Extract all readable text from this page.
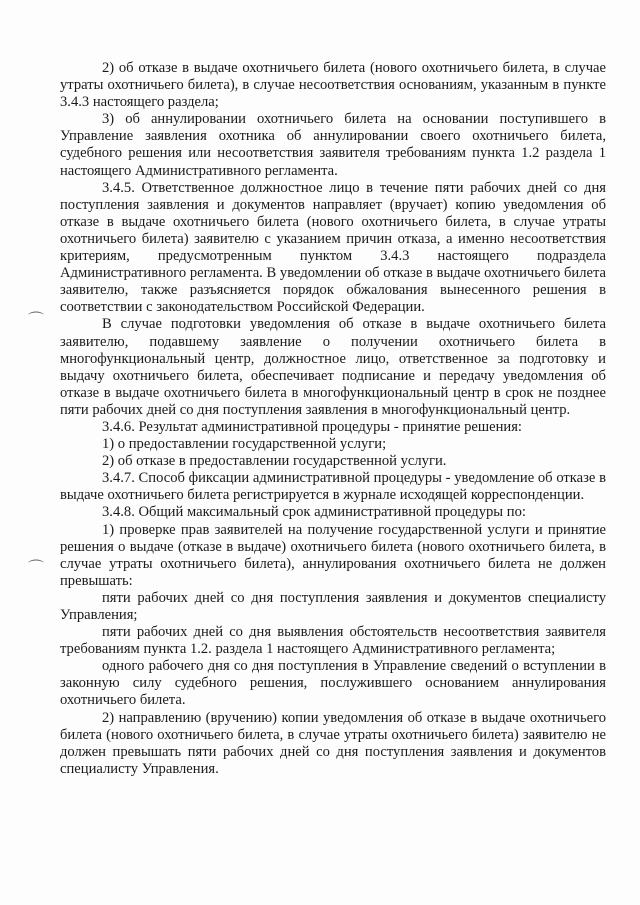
2) об отказе в выдаче охотничьего билета (нового охотничьего билета, в случае утраты охотничьего билета), в случае несоответствия основаниям, указанным в пункте 3.4.3 настоящего раздела;

3) об аннулировании охотничьего билета на основании поступившего в Управление заявления охотника об аннулировании своего охотничьего билета, судебного решения или несоответствия заявителя требованиям пункта 1.2 раздела 1 настоящего Административного регламента.

3.4.5. Ответственное должностное лицо в течение пяти рабочих дней со дня поступления заявления и документов направляет (вручает) копию уведомления об отказе в выдаче охотничьего билета (нового охотничьего билета, в случае утраты охотничьего билета) заявителю с указанием причин отказа, а именно несоответствия критериям, предусмотренным пунктом 3.4.3 настоящего подраздела Административного регламента. В уведомлении об отказе в выдаче охотничьего билета заявителю, также разъясняется порядок обжалования вынесенного решения в соответствии с законодательством Российской Федерации.

В случае подготовки уведомления об отказе в выдаче охотничьего билета заявителю, подавшему заявление о получении охотничьего билета в многофункциональный центр, должностное лицо, ответственное за подготовку и выдачу охотничьего билета, обеспечивает подписание и передачу уведомления об отказе в выдаче охотничьего билета в многофункциональный центр в срок не позднее пяти рабочих дней со дня поступления заявления в многофункциональный центр.

3.4.6. Результат административной процедуры - принятие решения:

1) о предоставлении государственной услуги;

2) об отказе в предоставлении государственной услуги.

3.4.7. Способ фиксации административной процедуры - уведомление об отказе в выдаче охотничьего билета регистрируется в журнале исходящей корреспонденции.

3.4.8. Общий максимальный срок административной процедуры по:

1) проверке прав заявителей на получение государственной услуги и принятие решения о выдаче (отказе в выдаче) охотничьего билета (нового охотничьего билета, в случае утраты охотничьего билета), аннулирования охотничьего билета не должен превышать:

пяти рабочих дней со дня поступления заявления и документов специалисту Управления;

пяти рабочих дней со дня выявления обстоятельств несоответствия заявителя требованиям пункта 1.2. раздела 1 настоящего Административного регламента;

одного рабочего дня со дня поступления в Управление сведений о вступлении в законную силу судебного решения, послужившего основанием аннулирования охотничьего билета.

2) направлению (вручению) копии уведомления об отказе в выдаче охотничьего билета (нового охотничьего билета, в случае утраты охотничьего билета) заявителю не должен превышать пяти рабочих дней со дня поступления заявления и документов специалисту Управления.

⌒
⌒
